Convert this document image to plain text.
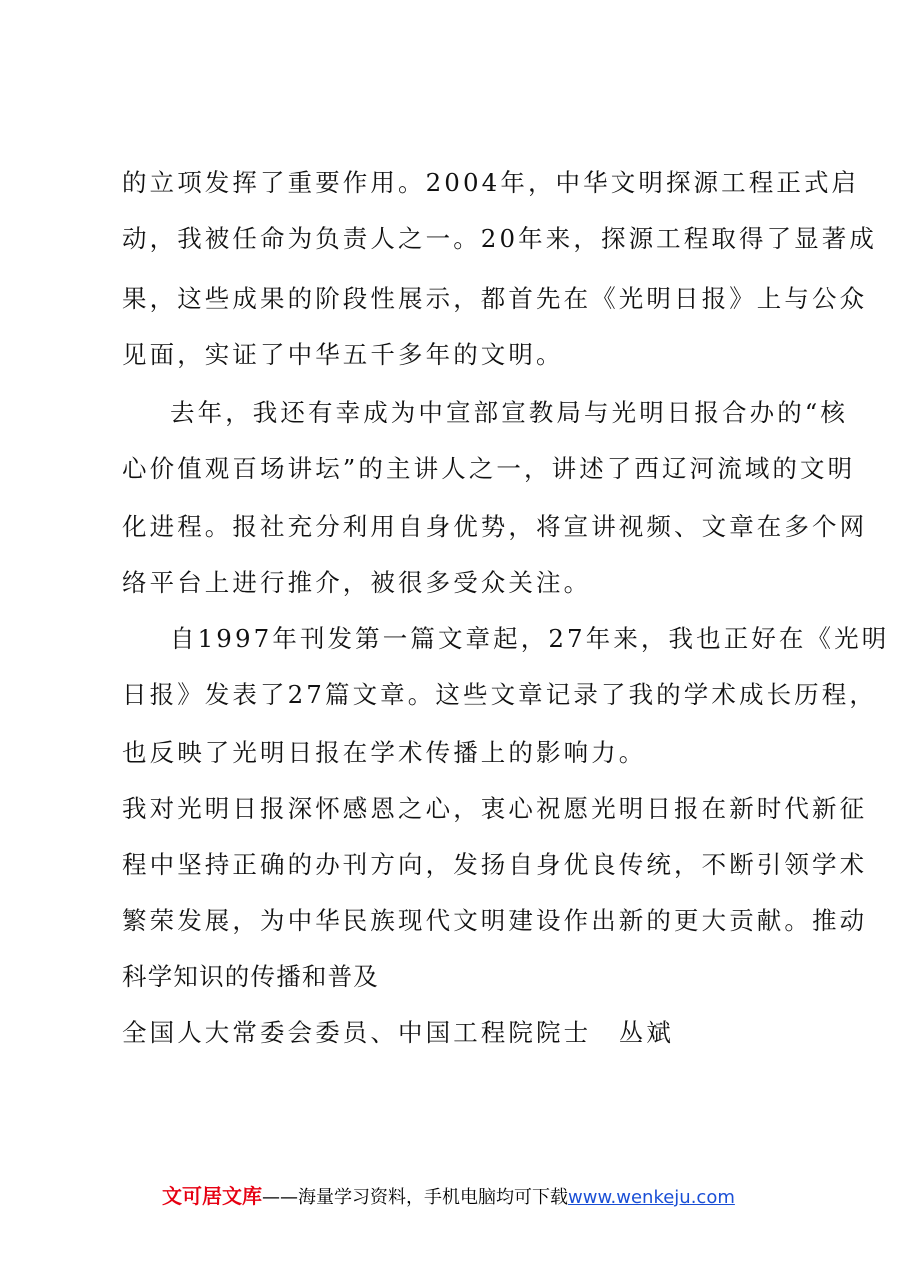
的立项发挥了重要作用。2004年，中华文明探源工程正式启
动，我被任命为负责人之一。20年来，探源工程取得了显著成
果，这些成果的阶段性展示，都首先在《光明日报》上与公众
见面，实证了中华五千多年的文明。
去年，我还有幸成为中宣部宣教局与光明日报合办的“核
心价值观百场讲坛”的主讲人之一，讲述了西辽河流域的文明
化进程。报社充分利用自身优势，将宣讲视频、文章在多个网
络平台上进行推介，被很多受众关注。
自1997年刊发第一篇文章起，27年来，我也正好在《光明
日报》发表了27篇文章。这些文章记录了我的学术成长历程，
也反映了光明日报在学术传播上的影响力。
我对光明日报深怀感恩之心，衷心祝愿光明日报在新时代新征
程中坚持正确的办刊方向，发扬自身优良传统，不断引领学术
繁荣发展，为中华民族现代文明建设作出新的更大贡献。推动
科学知识的传播和普及
全国人大常委会委员、中国工程院院士　丛斌
文可居文库——海量学习资料，手机电脑均可下载www.wenkeju.com
